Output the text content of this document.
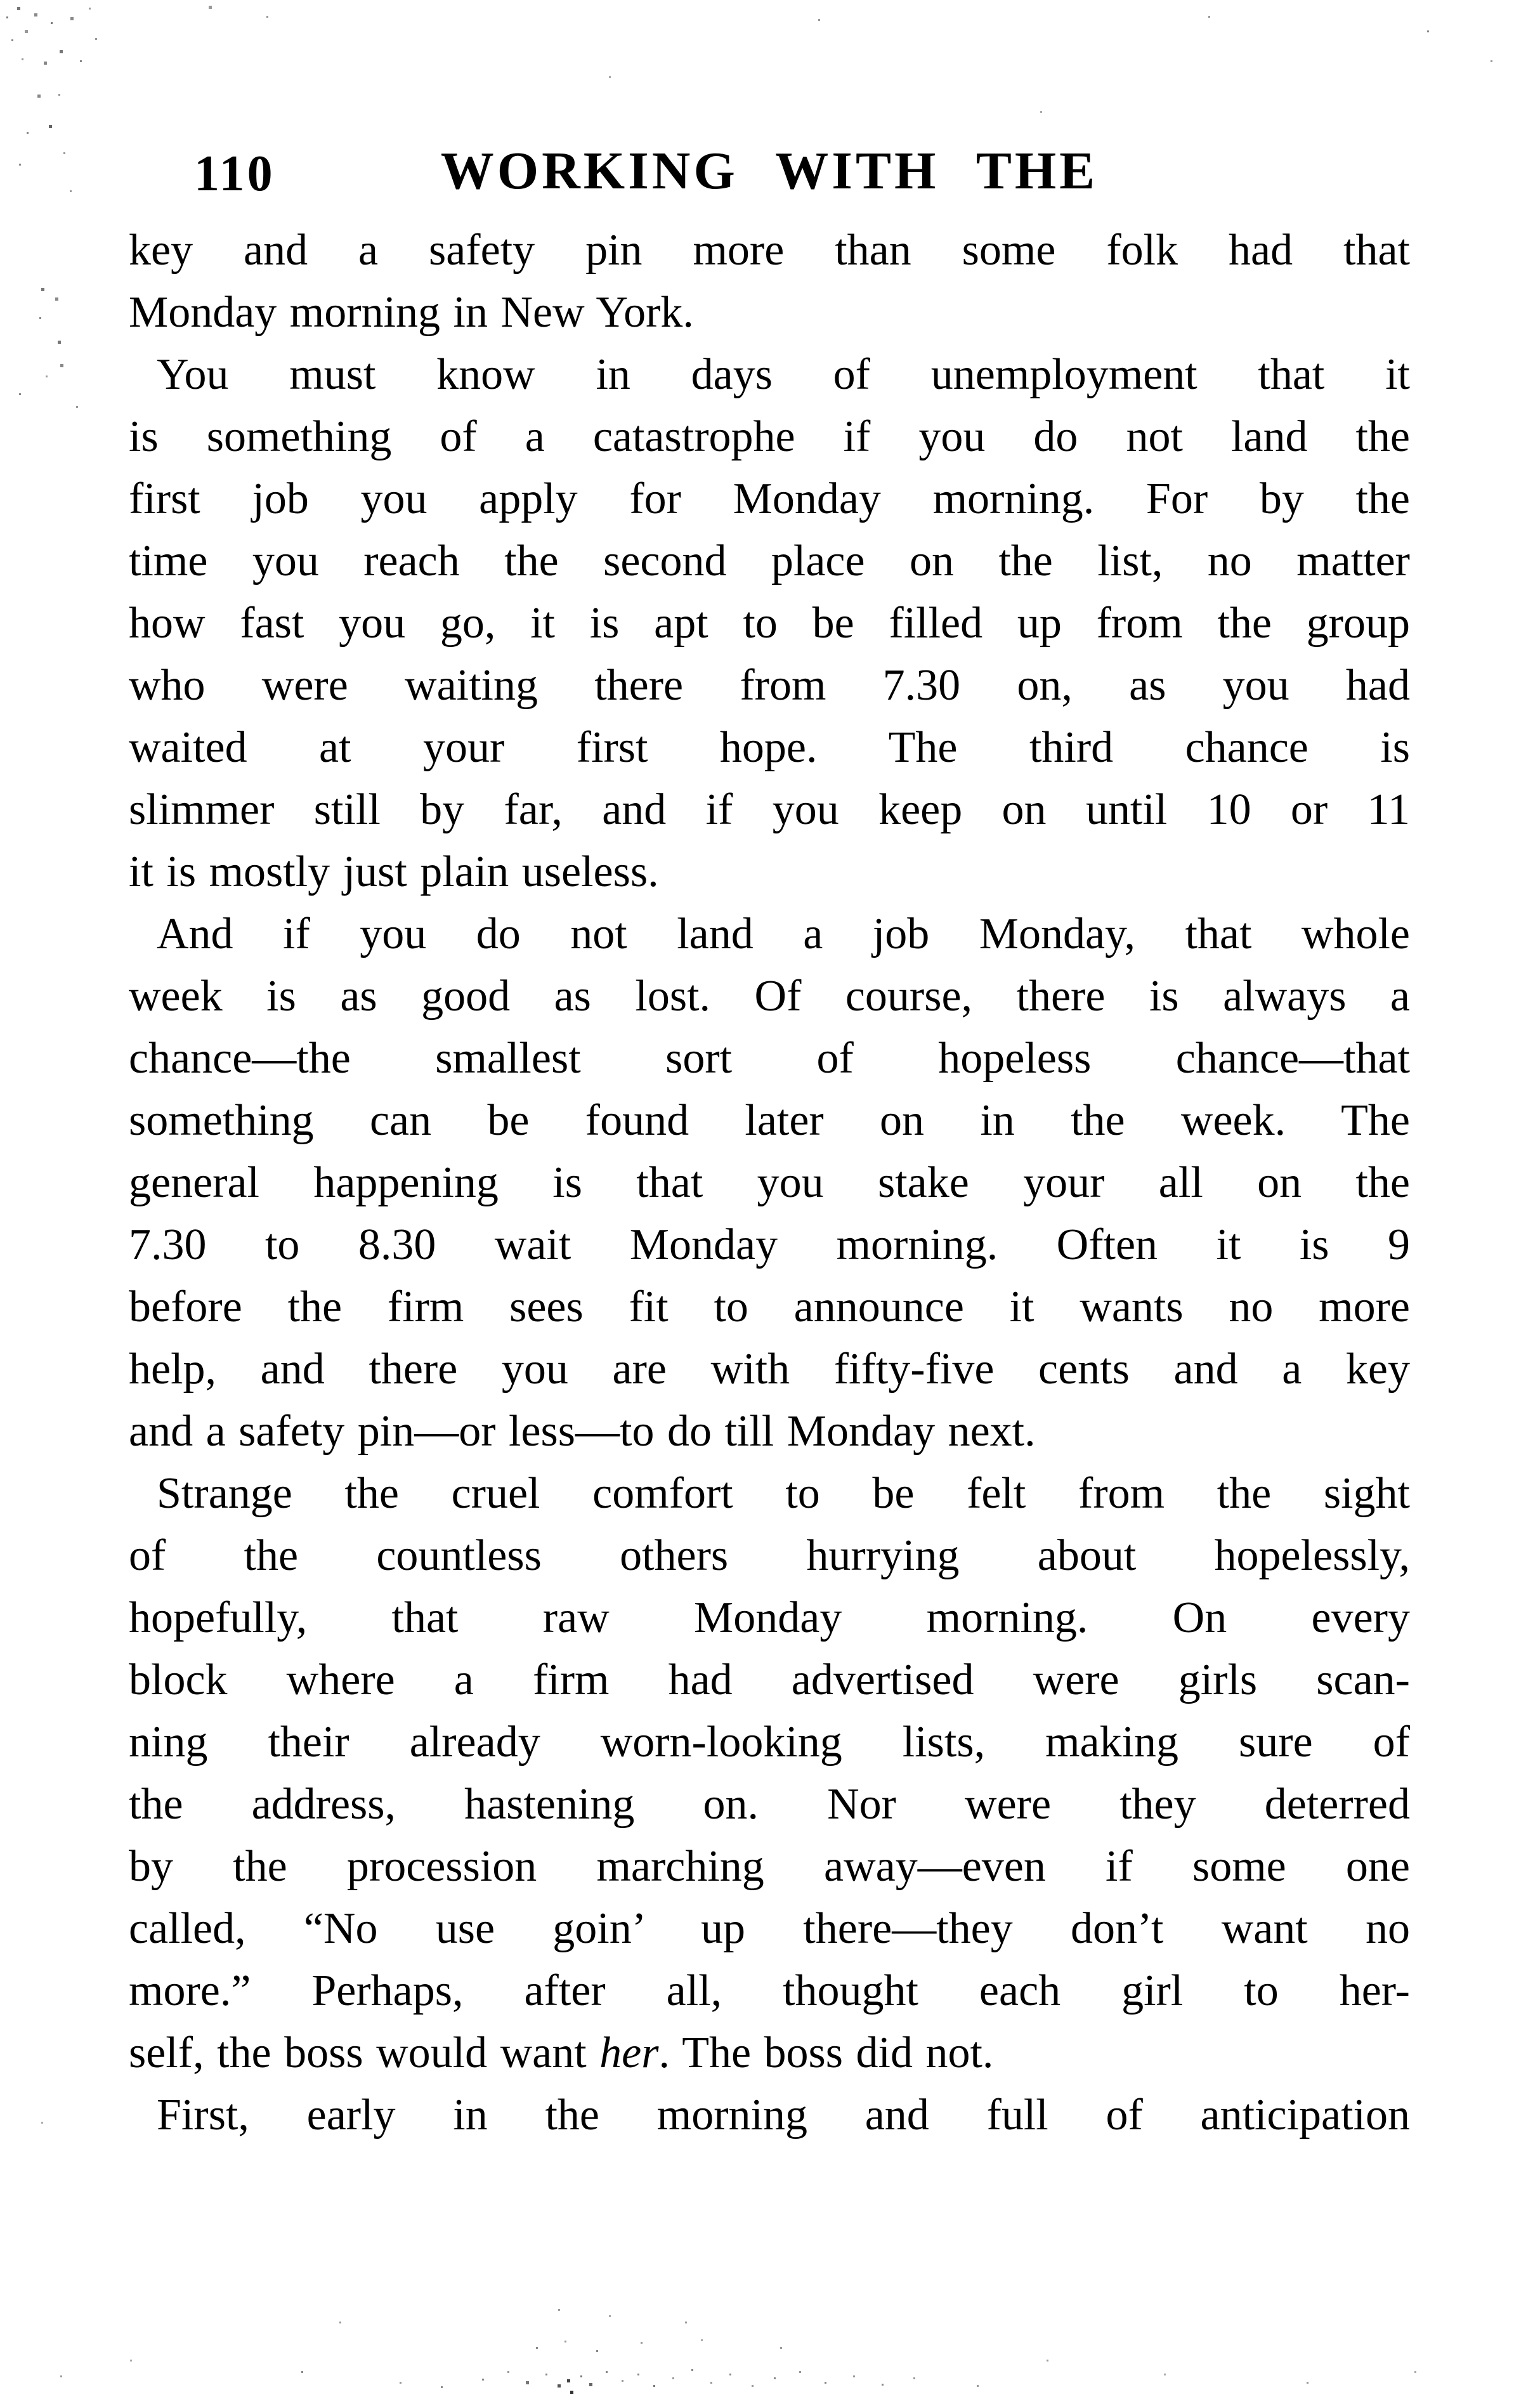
110	WORKING WITH THE
key and a safety pin more than some folk had that
Monday morning in New York.
You must know in days of unemployment that it
is something of a catastrophe if you do not land the
first job you apply for Monday morning. For by the
time you reach the second place on the list, no matter
how fast you go, it is apt to be filled up from the group
who were waiting there from 7.30 on, as you had
waited at your first hope. The third chance is
slimmer still by far, and if you keep on until 10 or 11
it is mostly just plain useless.
And if you do not land a job Monday, that whole
week is as good as lost. Of course, there is always a
chance—the smallest sort of hopeless chance—that
something can be found later on in the week. The
general happening is that you stake your all on the
7.30 to 8.30 wait Monday morning. Often it is 9
before the firm sees fit to announce it wants no more
help, and there you are with fifty-five cents and a key
and a safety pin—or less—to do till Monday next.
Strange the cruel comfort to be felt from the sight
of the countless others hurrying about hopelessly,
hopefully, that raw Monday morning. On every
block where a firm had advertised were girls scan-
ning their already worn-looking lists, making sure of
the address, hastening on. Nor were they deterred
by the procession marching away—even if some one
called, “No use goin’ up there—they don’t want no
more.” Perhaps, after all, thought each girl to her-
self, the boss would want her. The boss did not.
First, early in the morning and full of anticipation
